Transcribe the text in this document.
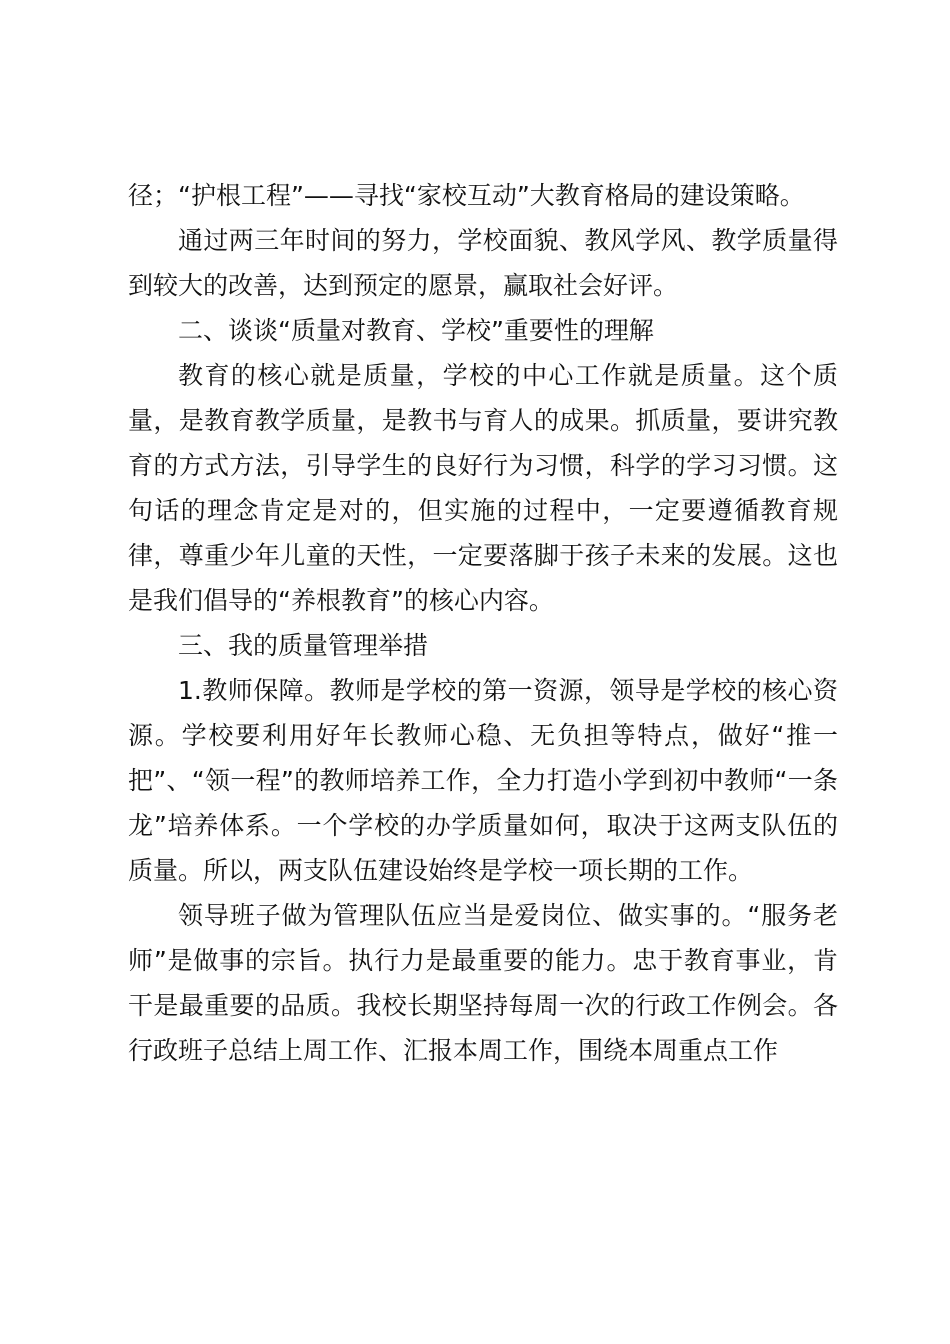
径；“护根工程”——寻找“家校互动”大教育格局的建设策略。

通过两三年时间的努力，学校面貌、教风学风、教学质量得到较大的改善，达到预定的愿景，赢取社会好评。

二、谈谈“质量对教育、学校”重要性的理解

教育的核心就是质量，学校的中心工作就是质量。这个质量，是教育教学质量，是教书与育人的成果。抓质量，要讲究教育的方式方法，引导学生的良好行为习惯，科学的学习习惯。这句话的理念肯定是对的，但实施的过程中，一定要遵循教育规律，尊重少年儿童的天性，一定要落脚于孩子未来的发展。这也是我们倡导的“养根教育”的核心内容。

三、我的质量管理举措

1.教师保障。教师是学校的第一资源，领导是学校的核心资源。学校要利用好年长教师心稳、无负担等特点，做好“推一把”、“领一程”的教师培养工作，全力打造小学到初中教师“一条龙”培养体系。一个学校的办学质量如何，取决于这两支队伍的质量。所以，两支队伍建设始终是学校一项长期的工作。

领导班子做为管理队伍应当是爱岗位、做实事的。“服务老师”是做事的宗旨。执行力是最重要的能力。忠于教育事业，肯干是最重要的品质。我校长期坚持每周一次的行政工作例会。各行政班子总结上周工作、汇报本周工作，围绕本周重点工作
